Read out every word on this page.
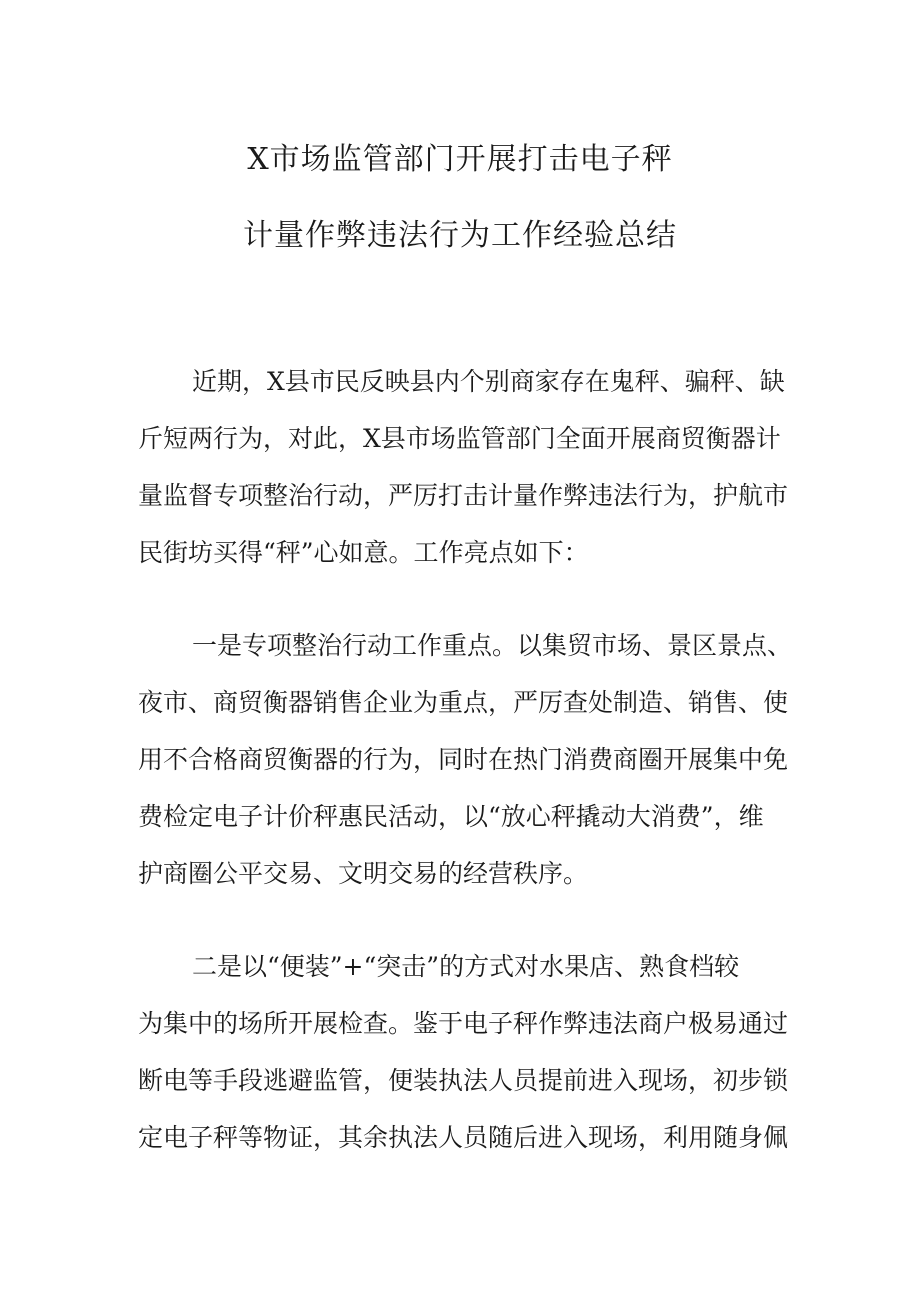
X市场监管部门开展打击电子秤
计量作弊违法行为工作经验总结
近期，X县市民反映县内个别商家存在鬼秤、骗秤、缺
斤短两行为，对此，X县市场监管部门全面开展商贸衡器计
量监督专项整治行动，严厉打击计量作弊违法行为，护航市
民街坊买得“秤”心如意。工作亮点如下：
一是专项整治行动工作重点。以集贸市场、景区景点、
夜市、商贸衡器销售企业为重点，严厉查处制造、销售、使
用不合格商贸衡器的行为，同时在热门消费商圈开展集中免
费检定电子计价秤惠民活动，以“放心秤撬动大消费”，维
护商圈公平交易、文明交易的经营秩序。
二是以“便装”+“突击”的方式对水果店、熟食档较
为集中的场所开展检查。鉴于电子秤作弊违法商户极易通过
断电等手段逃避监管，便装执法人员提前进入现场，初步锁
定电子秤等物证，其余执法人员随后进入现场，利用随身佩
